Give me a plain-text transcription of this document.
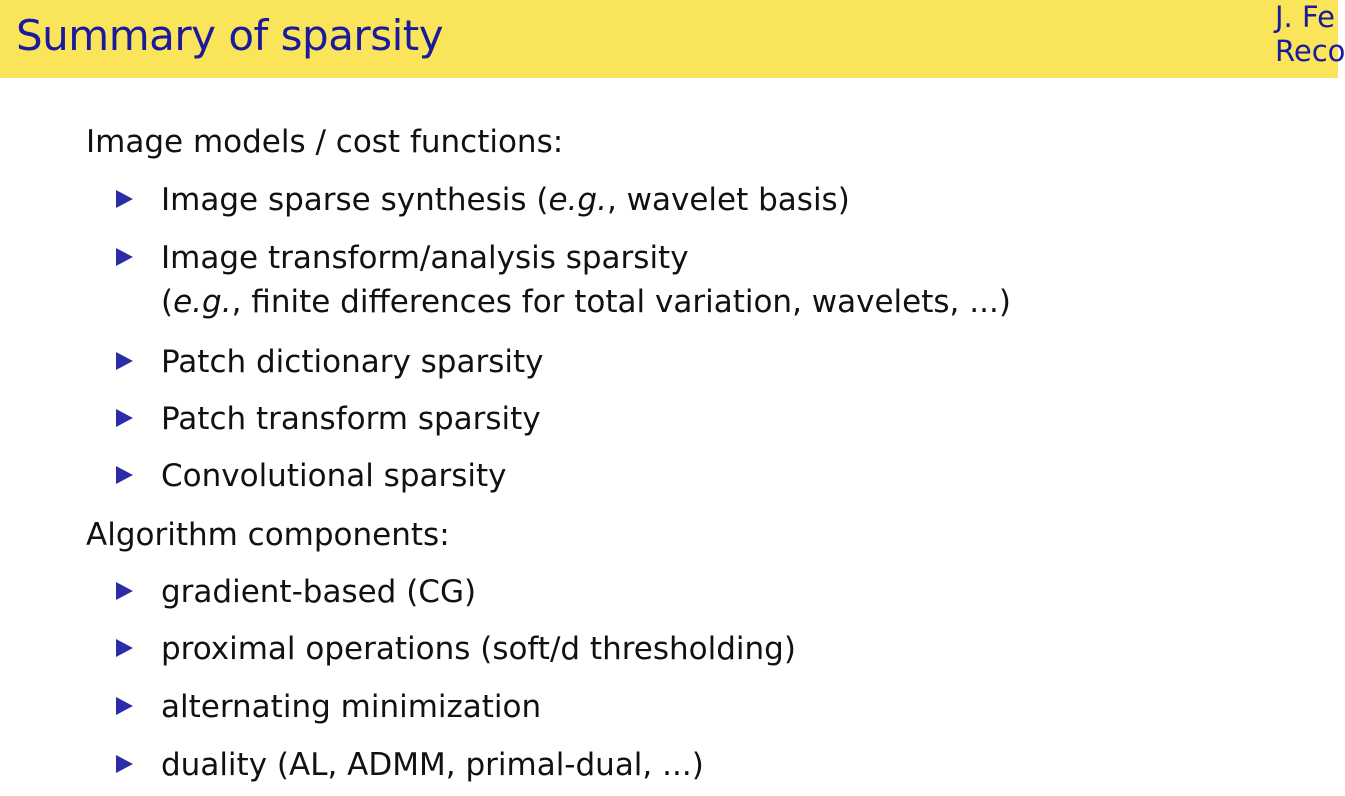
Summary of sparsity	J. Fe
Reco
Image models / cost functions:
Image sparse synthesis (e.g., wavelet basis)
Image transform/analysis sparsity
(e.g., finite differences for total variation, wavelets, ...)
Patch dictionary sparsity
Patch transform sparsity
Convolutional sparsity
Algorithm components:
gradient-based (CG)
proximal operations (soft/d thresholding)
alternating minimization
duality (AL, ADMM, primal-dual, ...)
